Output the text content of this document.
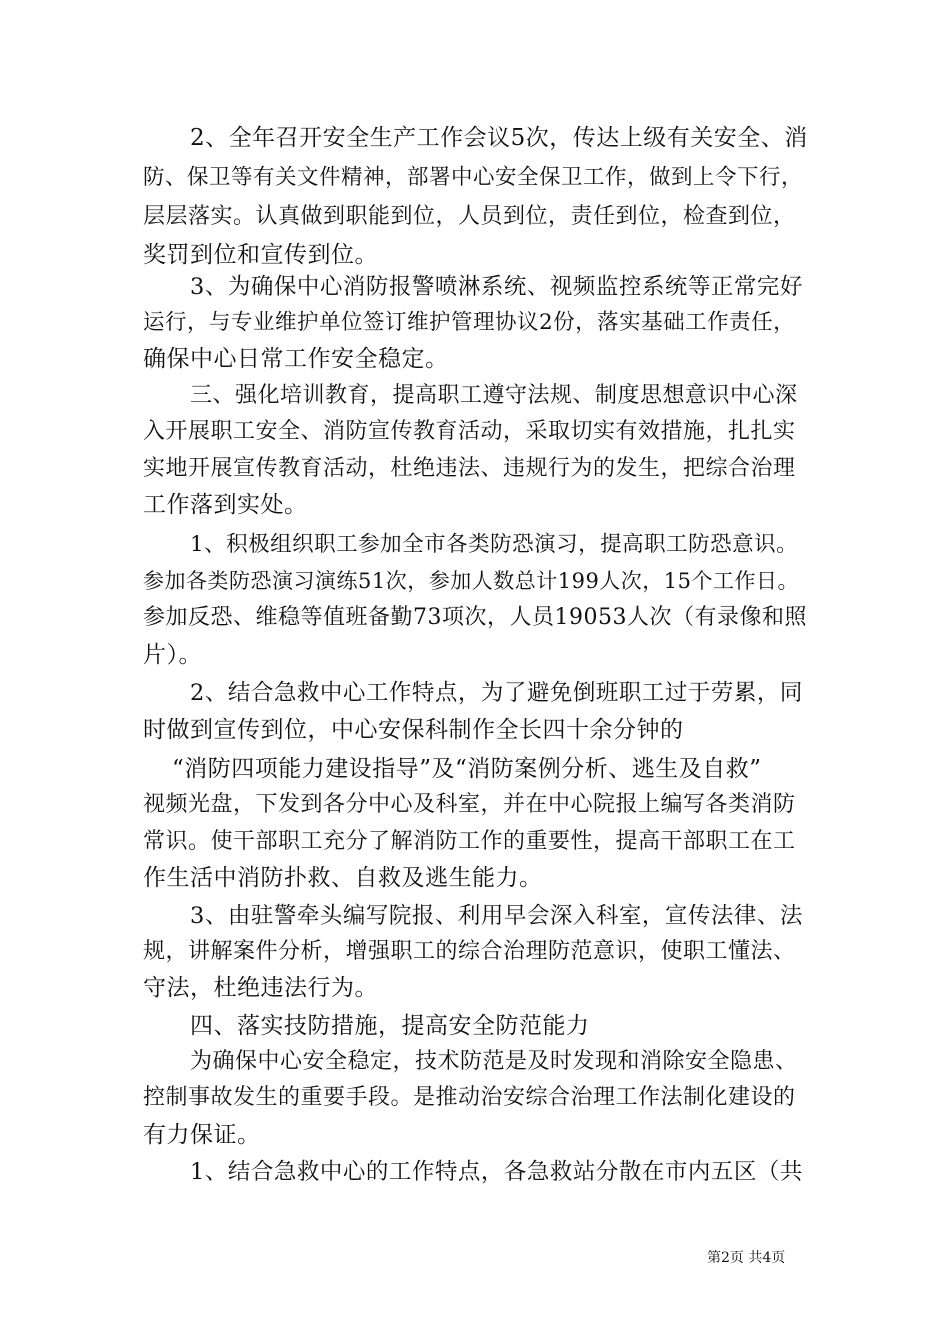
2、全年召开安全生产工作会议5次，传达上级有关安全、消
防、保卫等有关文件精神，部署中心安全保卫工作，做到上令下行，
层层落实。认真做到职能到位，人员到位，责任到位，检查到位，
奖罚到位和宣传到位。
3、为确保中心消防报警喷淋系统、视频监控系统等正常完好
运行，与专业维护单位签订维护管理协议2份，落实基础工作责任，
确保中心日常工作安全稳定。
三、强化培训教育，提高职工遵守法规、制度思想意识中心深
入开展职工安全、消防宣传教育活动，采取切实有效措施，扎扎实
实地开展宣传教育活动，杜绝违法、违规行为的发生，把综合治理
工作落到实处。
1、积极组织职工参加全市各类防恐演习，提高职工防恐意识。
参加各类防恐演习演练51次，参加人数总计199人次，15个工作日。
参加反恐、维稳等值班备勤73项次，人员19053人次（有录像和照
片）。
2、结合急救中心工作特点，为了避免倒班职工过于劳累，同
时做到宣传到位，中心安保科制作全长四十余分钟的
“消防四项能力建设指导”及“消防案例分析、逃生及自救”
视频光盘，下发到各分中心及科室，并在中心院报上编写各类消防
常识。使干部职工充分了解消防工作的重要性，提高干部职工在工
作生活中消防扑救、自救及逃生能力。
3、由驻警牵头编写院报、利用早会深入科室，宣传法律、法
规，讲解案件分析，增强职工的综合治理防范意识，使职工懂法、
守法，杜绝违法行为。
四、落实技防措施，提高安全防范能力
为确保中心安全稳定，技术防范是及时发现和消除安全隐患、
控制事故发生的重要手段。是推动治安综合治理工作法制化建设的
有力保证。
1、结合急救中心的工作特点，各急救站分散在市内五区（共
第2页 共4页
